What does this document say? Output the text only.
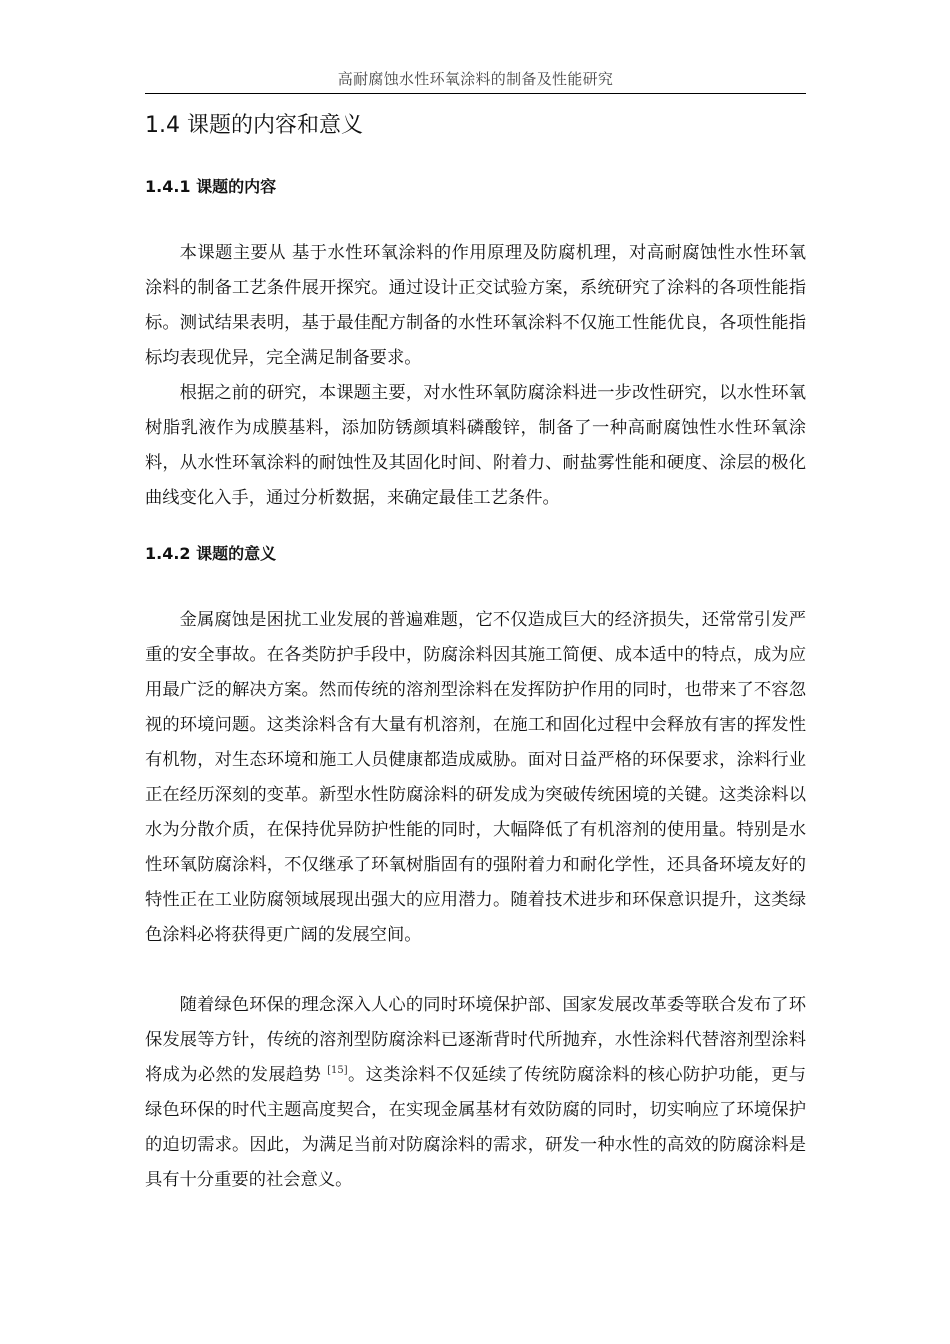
高耐腐蚀水性环氧涂料的制备及性能研究
1.4 课题的内容和意义
1.4.1 课题的内容

本课题主要从 基于水性环氧涂料的作用原理及防腐机理，对高耐腐蚀性水性环氧涂料的制备工艺条件展开探究。通过设计正交试验方案，系统研究了涂料的各项性能指标。测试结果表明，基于最佳配方制备的水性环氧涂料不仅施工性能优良，各项性能指标均表现优异，完全满足制备要求。

根据之前的研究，本课题主要，对水性环氧防腐涂料进一步改性研究，以水性环氧树脂乳液作为成膜基料，添加防锈颜填料磷酸锌，制备了一种高耐腐蚀性水性环氧涂料，从水性环氧涂料的耐蚀性及其固化时间、附着力、耐盐雾性能和硬度、涂层的极化曲线变化入手，通过分析数据，来确定最佳工艺条件。

1.4.2 课题的意义

金属腐蚀是困扰工业发展的普遍难题，它不仅造成巨大的经济损失，还常常引发严重的安全事故。在各类防护手段中，防腐涂料因其施工简便、成本适中的特点，成为应用最广泛的解决方案。然而传统的溶剂型涂料在发挥防护作用的同时，也带来了不容忽视的环境问题。这类涂料含有大量有机溶剂，在施工和固化过程中会释放有害的挥发性有机物，对生态环境和施工人员健康都造成威胁。面对日益严格的环保要求，涂料行业正在经历深刻的变革。新型水性防腐涂料的研发成为突破传统困境的关键。这类涂料以水为分散介质，在保持优异防护性能的同时，大幅降低了有机溶剂的使用量。特别是水性环氧防腐涂料，不仅继承了环氧树脂固有的强附着力和耐化学性，还具备环境友好的特性正在工业防腐领域展现出强大的应用潜力。随着技术进步和环保意识提升，这类绿色涂料必将获得更广阔的发展空间。

随着绿色环保的理念深入人心的同时环境保护部、国家发展改革委等联合发布了环保发展等方针，传统的溶剂型防腐涂料已逐渐背时代所抛弃，水性涂料代替溶剂型涂料将成为必然的发展趋势 [15]。这类涂料不仅延续了传统防腐涂料的核心防护功能，更与绿色环保的时代主题高度契合，在实现金属基材有效防腐的同时，切实响应了环境保护的迫切需求。因此，为满足当前对防腐涂料的需求，研发一种水性的高效的防腐涂料是具有十分重要的社会意义。
